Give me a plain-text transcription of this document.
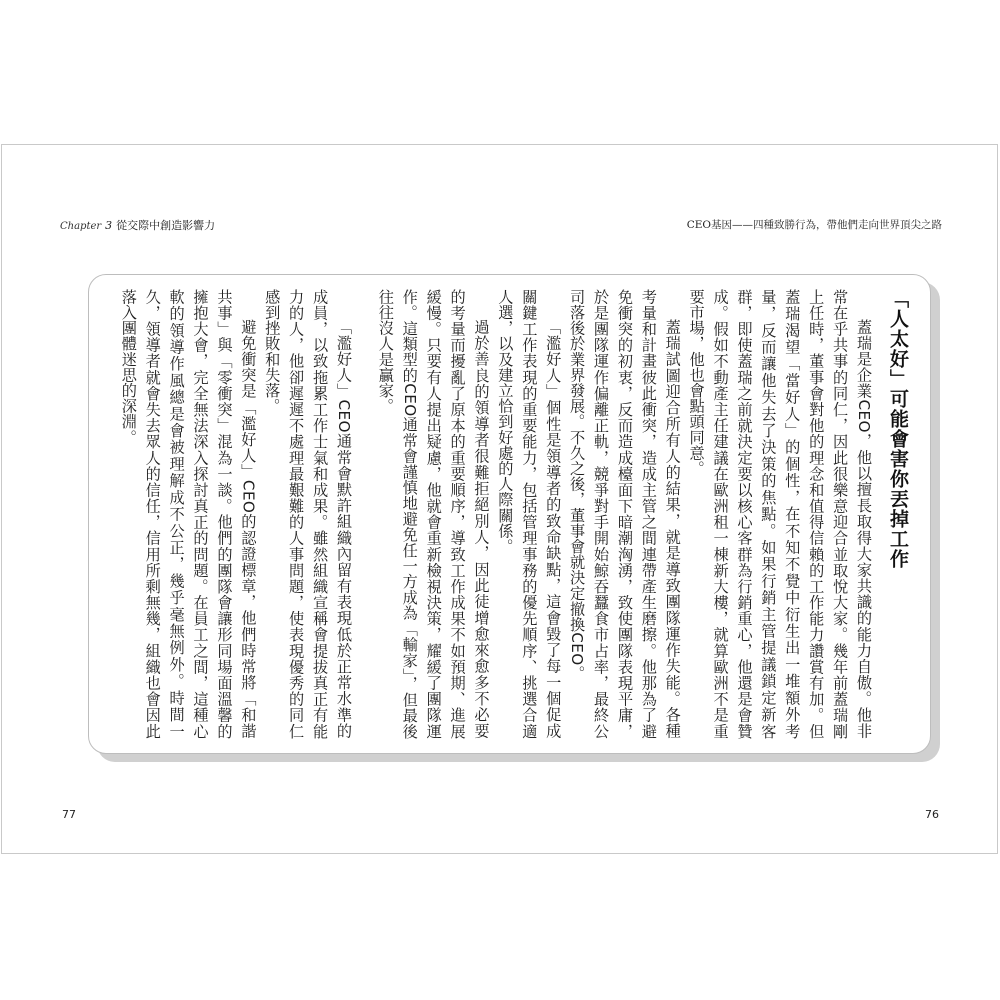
Chapter 3 從交際中創造影響力	CEO基因——四種致勝行為，帶他們走向世界頂尖之路
「人太好」可能會害你丟掉工作

蓋瑞是企業CEO，他以擅長取得大家共識的能力自傲。他非常在乎共事的同仁，因此很樂意迎合並取悅大家。幾年前蓋瑞剛上任時，董事會對他的理念和值得信賴的工作能力讚賞有加。但蓋瑞渴望「當好人」的個性，在不知不覺中衍生出一堆額外考量，反而讓他失去了決策的焦點。如果行銷主管提議鎖定新客群，即使蓋瑞之前就決定要以核心客群為行銷重心，他還是會贊成。假如不動產主任建議在歐洲租一棟新大樓，就算歐洲不是重要市場，他也會點頭同意。

蓋瑞試圖迎合所有人的結果，就是導致團隊運作失能。各種考量和計畫彼此衝突，造成主管之間連帶產生磨擦。他那為了避免衝突的初衷，反而造成檯面下暗潮洶湧，致使團隊表現平庸，於是團隊運作偏離正軌，競爭對手開始鯨吞蠶食市占率，最終公司落後於業界發展。不久之後，董事會就決定撤換CEO。

「濫好人」個性是領導者的致命缺點，這會毀了每一個促成關鍵工作表現的重要能力，包括管理事務的優先順序、挑選合適人選，以及建立恰到好處的人際關係。

過於善良的領導者很難拒絕別人，因此徒增愈來愈多不必要的考量而擾亂了原本的重要順序，導致工作成果不如預期、進展緩慢。只要有人提出疑慮，他就會重新檢視決策，耀緩了團隊運作。這類型的CEO通常會謹慎地避免任一方成為「輸家」，但最後往往沒人是贏家。

「濫好人」CEO通常會默許組織內留有表現低於正常水準的成員，以致拖累工作士氣和成果。雖然組織宣稱會提拔真正有能力的人，他卻遲遲不處理最艱難的人事問題，使表現優秀的同仁感到挫敗和失落。

避免衝突是「濫好人」CEO的認證標章，他們時常將「和諧共事」與「零衝突」混為一談。他們的團隊會讓形同場面溫馨的擁抱大會，完全無法深入探討真正的問題。在員工之間，這種心軟的領導作風總是會被理解成不公正，幾乎毫無例外。時間一久，領導者就會失去眾人的信任，信用所剩無幾，組織也會因此落入團體迷思的深淵。

77	76
